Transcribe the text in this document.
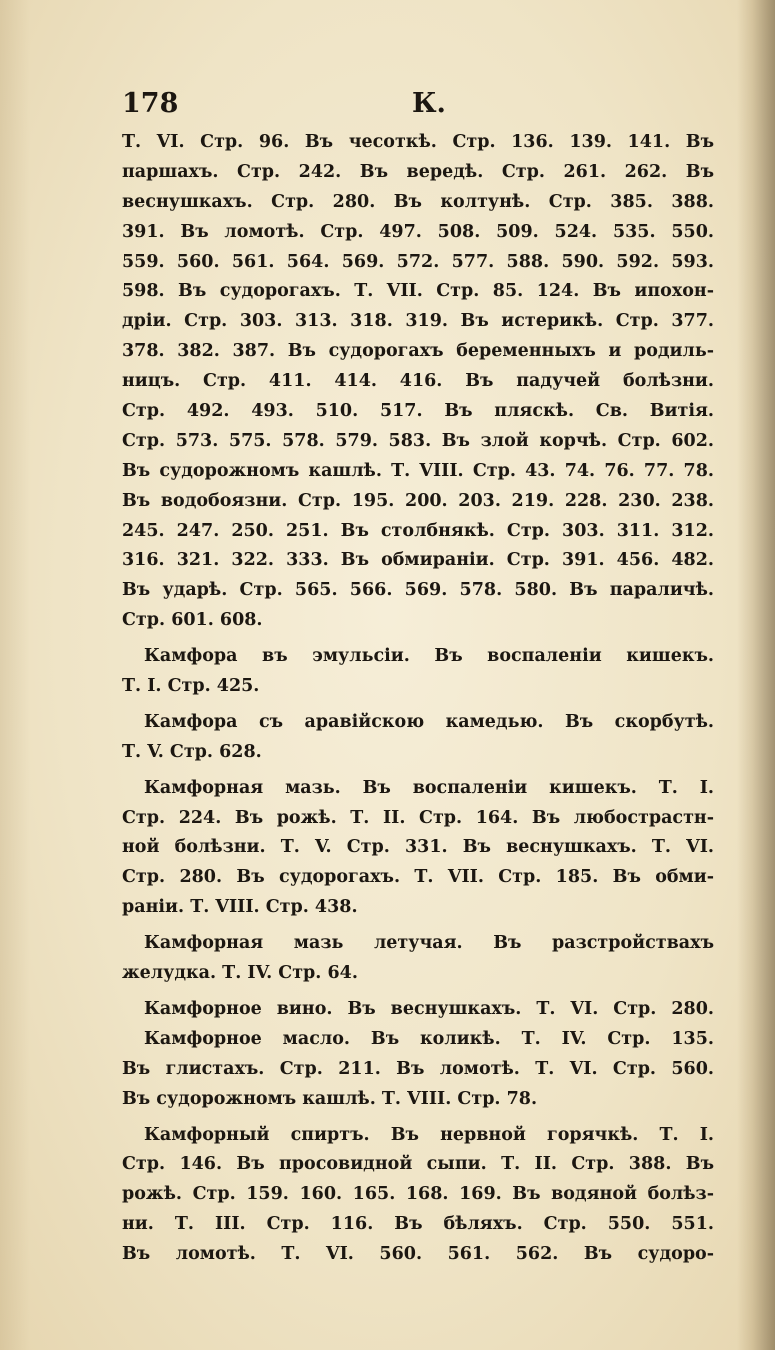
178	К.
Т. VI. Стр. 96. Въ чесоткѣ. Стр. 136. 139. 141. Въ
паршахъ. Стр. 242. Въ вередѣ. Стр. 261. 262. Въ
веснушкахъ. Стр. 280. Въ колтунѣ. Стр. 385. 388.
391. Въ ломотѣ. Стр. 497. 508. 509. 524. 535. 550.
559. 560. 561. 564. 569. 572. 577. 588. 590. 592. 593.
598. Въ судорогахъ. Т. VII. Стр. 85. 124. Въ ипохон-
дріи. Стр. 303. 313. 318. 319. Въ истерикѣ. Стр. 377.
378. 382. 387. Въ судорогахъ беременныхъ и родиль-
ницъ. Стр. 411. 414. 416. Въ падучей болѣзни.
Стр. 492. 493. 510. 517. Въ пляскѣ. Св. Витія.
Стр. 573. 575. 578. 579. 583. Въ злой корчѣ. Стр. 602.
Въ судорожномъ кашлѣ. Т. VIII. Стр. 43. 74. 76. 77. 78.
Въ водобоязни. Стр. 195. 200. 203. 219. 228. 230. 238.
245. 247. 250. 251. Въ столбнякѣ. Стр. 303. 311. 312.
316. 321. 322. 333. Въ обмираніи. Стр. 391. 456. 482.
Въ ударѣ. Стр. 565. 566. 569. 578. 580. Въ параличѣ.
Стр. 601. 608.
Камфора въ эмульсіи. Въ воспаленіи кишекъ.
Т. I. Стр. 425.
Камфора съ аравійскою камедью. Въ скорбутѣ.
Т. V. Стр. 628.
Камфорная мазь. Въ воспаленіи кишекъ. Т. I.
Стр. 224. Въ рожѣ. Т. II. Стр. 164. Въ любострастн-
ной болѣзни. Т. V. Стр. 331. Въ веснушкахъ. Т. VI.
Стр. 280. Въ судорогахъ. Т. VII. Стр. 185. Въ обми-
раніи. Т. VIII. Стр. 438.
Камфорная мазь летучая. Въ разстройствахъ
желудка. Т. IV. Стр. 64.
Камфорное вино. Въ веснушкахъ. Т. VI. Стр. 280.
Камфорное масло. Въ коликѣ. Т. IV. Стр. 135.
Въ глистахъ. Стр. 211. Въ ломотѣ. Т. VI. Стр. 560.
Въ судорожномъ кашлѣ. Т. VIII. Стр. 78.
Камфорный спиртъ. Въ нервной горячкѣ. Т. I.
Стр. 146. Въ просовидной сыпи. Т. II. Стр. 388. Въ
рожѣ. Стр. 159. 160. 165. 168. 169. Въ водяной болѣз-
ни. Т. III. Стр. 116. Въ бѣляхъ. Стр. 550. 551.
Въ ломотѣ. Т. VI. 560. 561. 562. Въ судоро-
